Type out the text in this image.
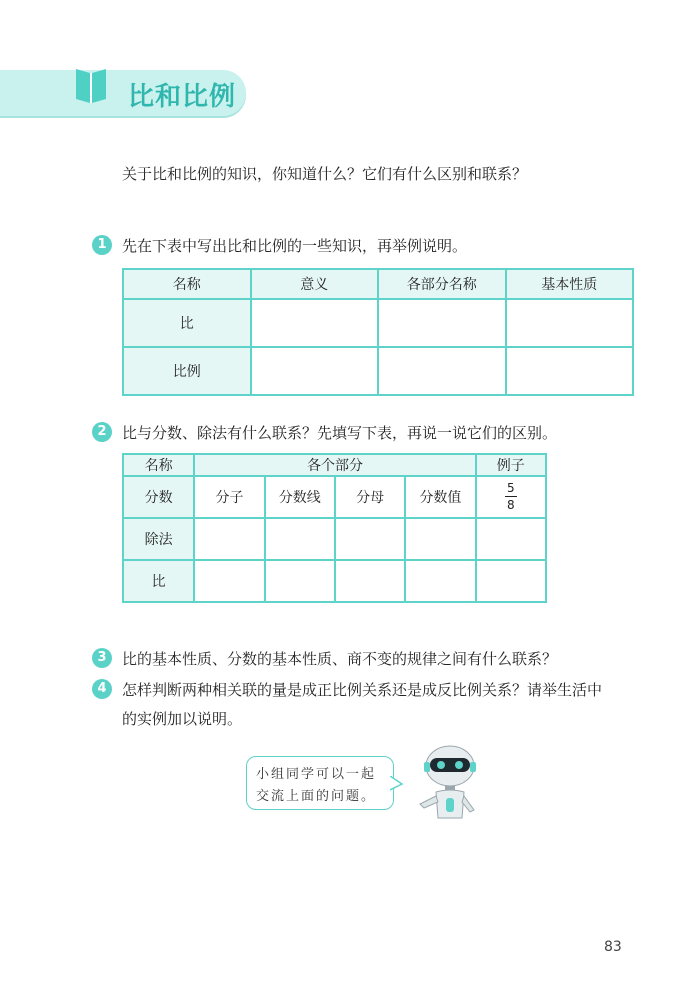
比和比例
关于比和比例的知识，你知道什么？它们有什么区别和联系？
1	先在下表中写出比和比例的一些知识，再举例说明。
名称	意义	各部分名称	基本性质
比			
比例			
2	比与分数、除法有什么联系？先填写下表，再说一说它们的区别。
名称	各个部分				例子
分数	分子	分数线	分母	分数值	$\frac{5}{8}$
除法					
比					
3	比的基本性质、分数的基本性质、商不变的规律之间有什么联系？
4	怎样判断两种相关联的量是成正比例关系还是成反比例关系？请举生活中
的实例加以说明。
小组同学可以一起
交流上面的问题。
83
